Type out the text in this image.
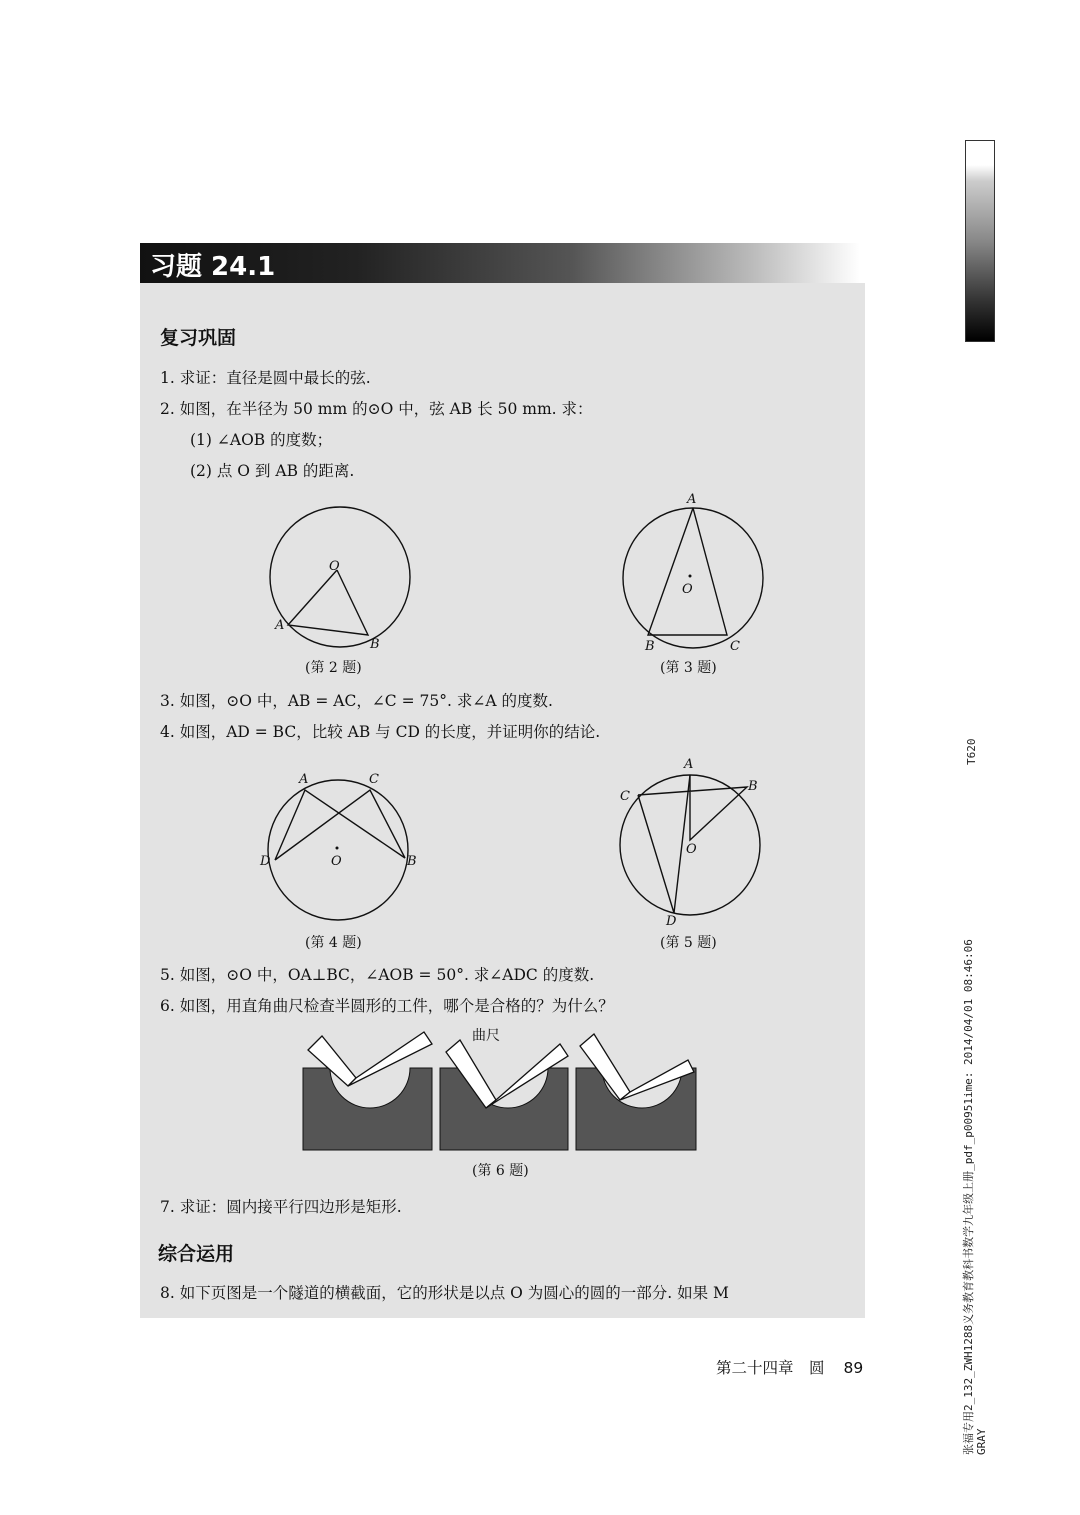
习题 24.1
复习巩固
1. 求证：直径是圆中最长的弦.
2. 如图，在半径为 50 mm 的⊙O 中，弦 AB 长 50 mm. 求：
(1) ∠AOB 的度数；
(2) 点 O 到 AB 的距离.
O
A
B
(第 2 题)
A
O
B	C
(第 3 题)
3. 如图，⊙O 中，AB = AC，∠C = 75°. 求∠A 的度数.
4. 如图，AD = BC，比较 AB 与 CD 的长度，并证明你的结论.
A	C
D	B
O
(第 4 题)
A
B
C
O
D
(第 5 题)
5. 如图，⊙O 中，OA⊥BC，∠AOB = 50°. 求∠ADC 的度数.
6. 如图，用直角曲尺检查半圆形的工件，哪个是合格的？为什么？
曲尺
(第 6 题)
7. 求证：圆内接平行四边形是矩形.
综合运用
8. 如下页图是一个隧道的横截面，它的形状是以点 O 为圆心的圆的一部分. 如果 M
第二十四章　圆 89	张福专用2_132_ZWH1288义务教育教科书数学九年级上册_pdf_p00951ime: 2014/04/01 08:46:06 GRAY
T620
